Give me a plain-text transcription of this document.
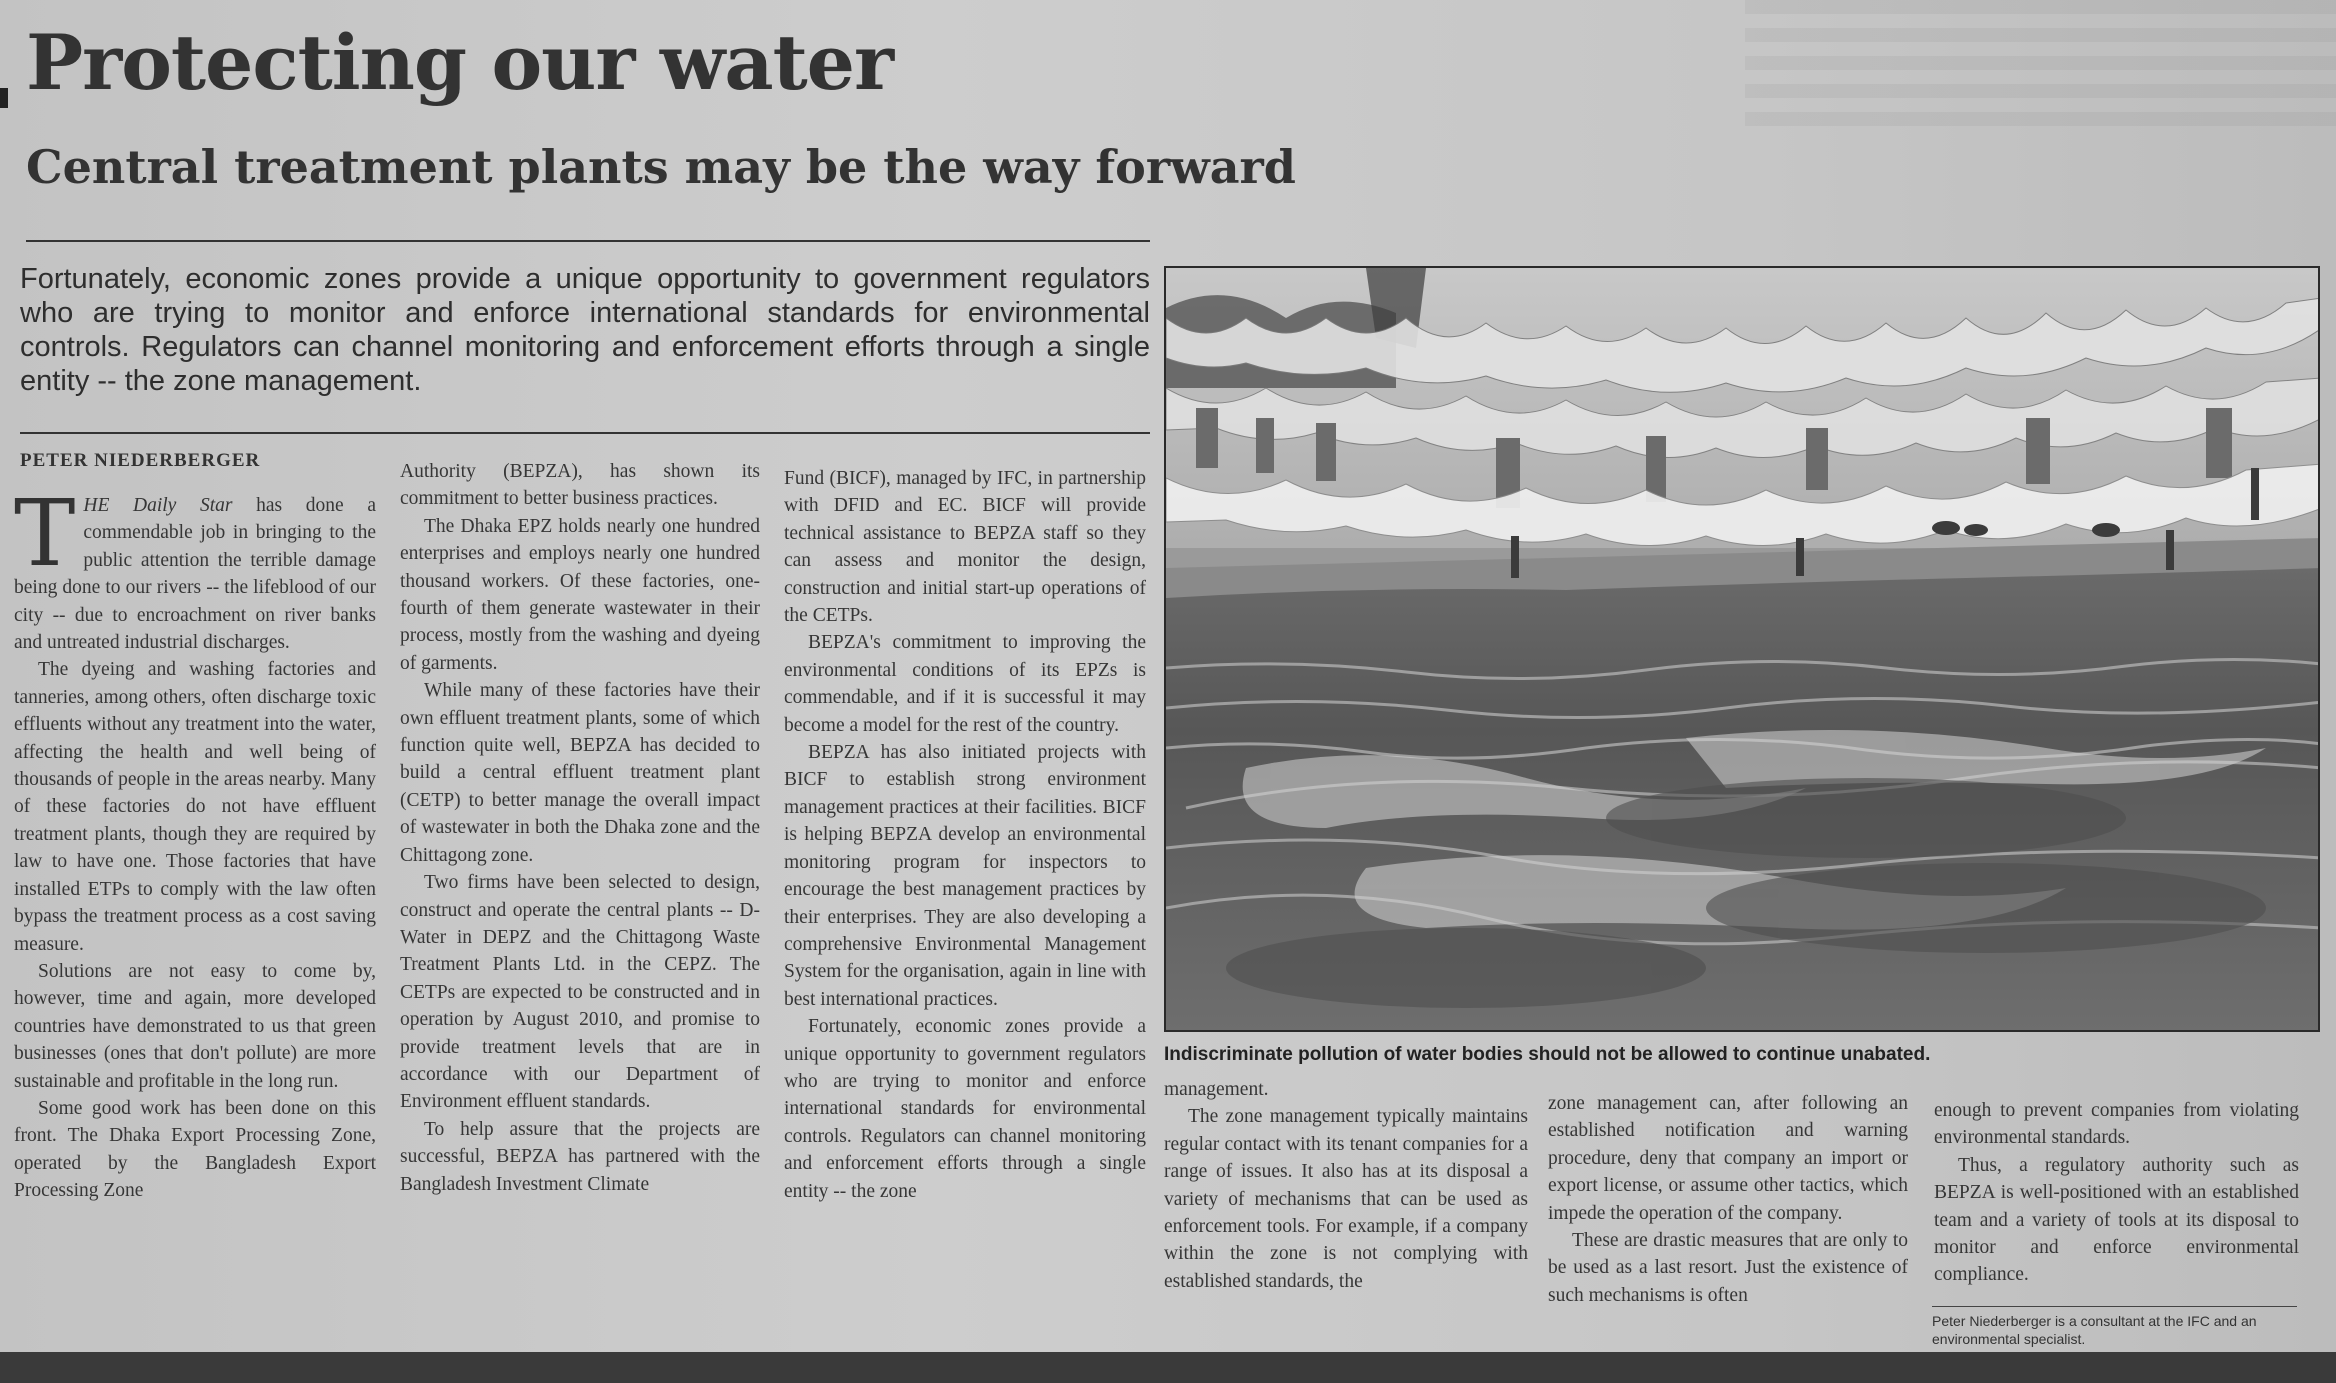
Protecting our water
Central treatment plants may be the way forward

Fortunately, economic zones provide a unique opportunity to government regulators who are trying to monitor and enforce international standards for environmental controls. Regulators can channel monitoring and enforcement efforts through a single entity -- the zone management.

PETER NIEDERBERGER

THE Daily Star has done a commendable job in bringing to the public attention the terrible damage being done to our rivers -- the lifeblood of our city -- due to encroachment on river banks and untreated industrial discharges.

The dyeing and washing factories and tanneries, among others, often discharge toxic effluents without any treatment into the water, affecting the health and well being of thousands of people in the areas nearby. Many of these factories do not have effluent treatment plants, though they are required by law to have one. Those factories that have installed ETPs to comply with the law often bypass the treatment process as a cost saving measure.

Solutions are not easy to come by, however, time and again, more developed countries have demonstrated to us that green businesses (ones that don't pollute) are more sustainable and profitable in the long run.

Some good work has been done on this front. The Dhaka Export Processing Zone, operated by the Bangladesh Export Processing Zone

Authority (BEPZA), has shown its commitment to better business practices.

The Dhaka EPZ holds nearly one hundred enterprises and employs nearly one hundred thousand workers. Of these factories, one- fourth of them generate wastewater in their process, mostly from the washing and dyeing of garments.

While many of these factories have their own effluent treatment plants, some of which function quite well, BEPZA has decided to build a central effluent treatment plant (CETP) to better manage the overall impact of wastewater in both the Dhaka zone and the Chittagong zone.

Two firms have been selected to design, construct and operate the central plants -- D-Water in DEPZ and the Chittagong Waste Treatment Plants Ltd. in the CEPZ. The CETPs are expected to be constructed and in operation by August 2010, and promise to provide treatment levels that are in accordance with our Department of Environment effluent standards.

To help assure that the projects are successful, BEPZA has partnered with the Bangladesh Investment Climate

Fund (BICF), managed by IFC, in partnership with DFID and EC. BICF will provide technical assistance to BEPZA staff so they can assess and monitor the design, construction and initial start-up operations of the CETPs.

BEPZA's commitment to improving the environmental conditions of its EPZs is commendable, and if it is successful it may become a model for the rest of the country.

BEPZA has also initiated projects with BICF to establish strong environment management practices at their facilities. BICF is helping BEPZA develop an environmental monitoring program for inspectors to encourage the best management practices by their enterprises. They are also developing a comprehensive Environmental Management System for the organisation, again in line with best international practices.

Fortunately, economic zones provide a unique opportunity to government regulators who are trying to monitor and enforce international standards for environmental controls. Regulators can channel monitoring and enforcement efforts through a single entity -- the zone

Indiscriminate pollution of water bodies should not be allowed to continue unabated.

management.

The zone management typically maintains regular contact with its tenant companies for a range of issues. It also has at its disposal a variety of mechanisms that can be used as enforcement tools. For example, if a company within the zone is not complying with established standards, the

zone management can, after following an established notification and warning procedure, deny that company an import or export license, or assume other tactics, which impede the operation of the company.

These are drastic measures that are only to be used as a last resort. Just the existence of such mechanisms is often

enough to prevent companies from violating environmental standards.

Thus, a regulatory authority such as BEPZA is well-positioned with an established team and a variety of tools at its disposal to monitor and enforce environmental compliance.

Peter Niederberger is a consultant at the IFC and an environmental specialist.
